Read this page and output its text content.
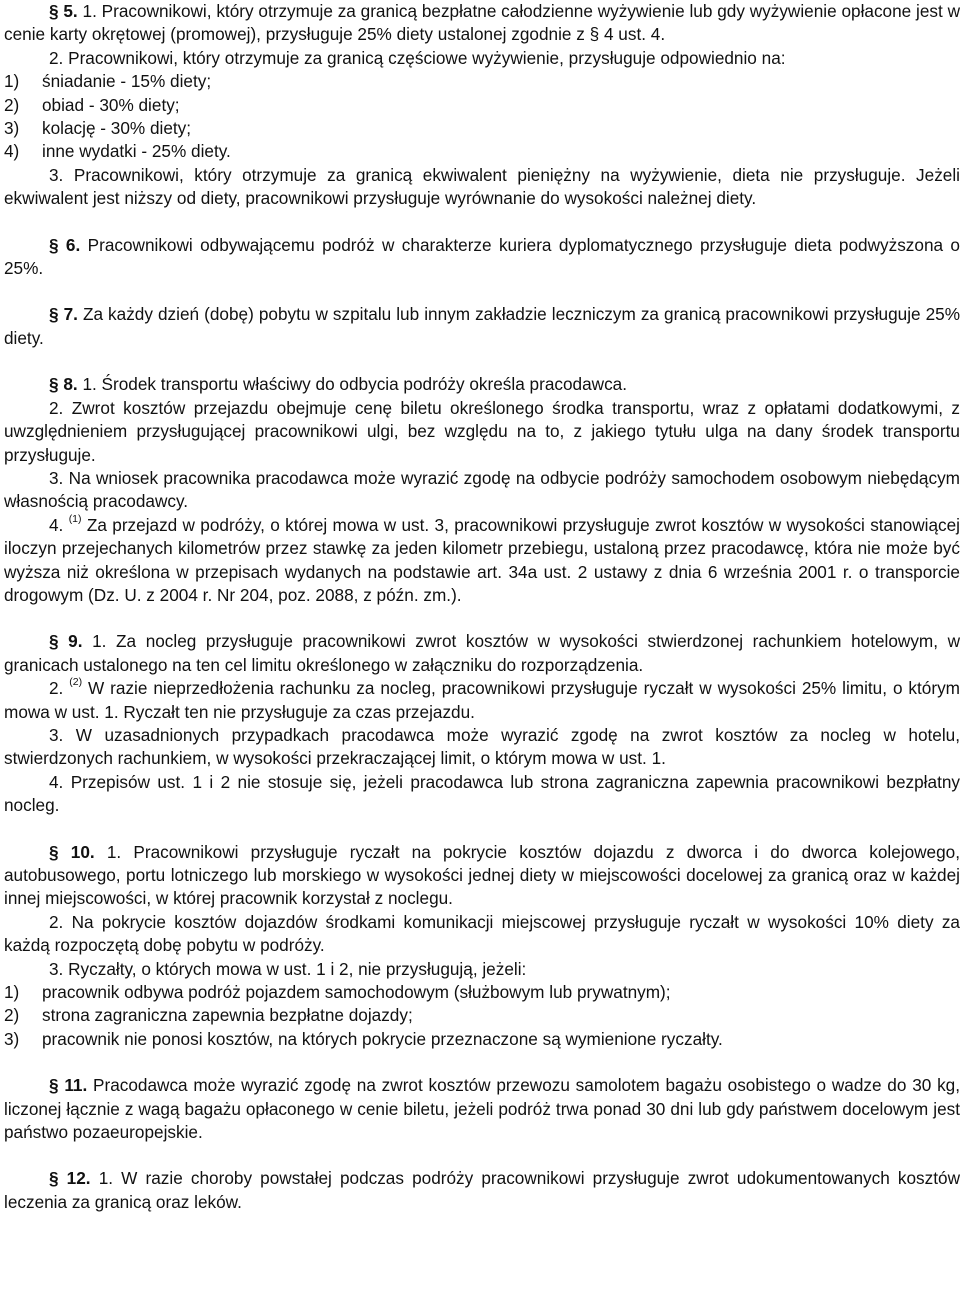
§ 5. 1. Pracownikowi, który otrzymuje za granicą bezpłatne całodzienne wyżywienie lub gdy wyżywienie opłacone jest w cenie karty okrętowej (promowej), przysługuje 25% diety ustalonej zgodnie z § 4 ust. 4.

2. Pracownikowi, który otrzymuje za granicą częściowe wyżywienie, przysługuje odpowiednio na:

1)	śniadanie - 15% diety;
2)	obiad - 30% diety;
3)	kolację - 30% diety;
4)	inne wydatki - 25% diety.

3. Pracownikowi, który otrzymuje za granicą ekwiwalent pieniężny na wyżywienie, dieta nie przysługuje. Jeżeli ekwiwalent jest niższy od diety, pracownikowi przysługuje wyrównanie do wysokości należnej diety.

§ 6. Pracownikowi odbywającemu podróż w charakterze kuriera dyplomatycznego przysługuje dieta podwyższona o 25%.

§ 7. Za każdy dzień (dobę) pobytu w szpitalu lub innym zakładzie leczniczym za granicą pracownikowi przysługuje 25% diety.

§ 8. 1. Środek transportu właściwy do odbycia podróży określa pracodawca.

2. Zwrot kosztów przejazdu obejmuje cenę biletu określonego środka transportu, wraz z opłatami dodatkowymi, z uwzględnieniem przysługującej pracownikowi ulgi, bez względu na to, z jakiego tytułu ulga na dany środek transportu przysługuje.

3. Na wniosek pracownika pracodawca może wyrazić zgodę na odbycie podróży samochodem osobowym niebędącym własnością pracodawcy.

4. $^{(1)}$ Za przejazd w podróży, o której mowa w ust. 3, pracownikowi przysługuje zwrot kosztów w wysokości stanowiącej iloczyn przejechanych kilometrów przez stawkę za jeden kilometr przebiegu, ustaloną przez pracodawcę, która nie może być wyższa niż określona w przepisach wydanych na podstawie art. 34a ust. 2 ustawy z dnia 6 września 2001 r. o transporcie drogowym (Dz. U. z 2004 r. Nr 204, poz. 2088, z późn. zm.).

§ 9. 1. Za nocleg przysługuje pracownikowi zwrot kosztów w wysokości stwierdzonej rachunkiem hotelowym, w granicach ustalonego na ten cel limitu określonego w załączniku do rozporządzenia.

2. $^{(2)}$ W razie nieprzedłożenia rachunku za nocleg, pracownikowi przysługuje ryczałt w wysokości 25% limitu, o którym mowa w ust. 1. Ryczałt ten nie przysługuje za czas przejazdu.

3. W uzasadnionych przypadkach pracodawca może wyrazić zgodę na zwrot kosztów za nocleg w hotelu, stwierdzonych rachunkiem, w wysokości przekraczającej limit, o którym mowa w ust. 1.

4. Przepisów ust. 1 i 2 nie stosuje się, jeżeli pracodawca lub strona zagraniczna zapewnia pracownikowi bezpłatny nocleg.

§ 10. 1. Pracownikowi przysługuje ryczałt na pokrycie kosztów dojazdu z dworca i do dworca kolejowego, autobusowego, portu lotniczego lub morskiego w wysokości jednej diety w miejscowości docelowej za granicą oraz w każdej innej miejscowości, w której pracownik korzystał z noclegu.

2. Na pokrycie kosztów dojazdów środkami komunikacji miejscowej przysługuje ryczałt w wysokości 10% diety za każdą rozpoczętą dobę pobytu w podróży.

3. Ryczałty, o których mowa w ust. 1 i 2, nie przysługują, jeżeli:

1)	pracownik odbywa podróż pojazdem samochodowym (służbowym lub prywatnym);
2)	strona zagraniczna zapewnia bezpłatne dojazdy;
3)	pracownik nie ponosi kosztów, na których pokrycie przeznaczone są wymienione ryczałty.

§ 11. Pracodawca może wyrazić zgodę na zwrot kosztów przewozu samolotem bagażu osobistego o wadze do 30 kg, liczonej łącznie z wagą bagażu opłaconego w cenie biletu, jeżeli podróż trwa ponad 30 dni lub gdy państwem docelowym jest państwo pozaeuropejskie.

§ 12. 1. W razie choroby powstałej podczas podróży pracownikowi przysługuje zwrot udokumentowanych kosztów leczenia za granicą oraz leków.
